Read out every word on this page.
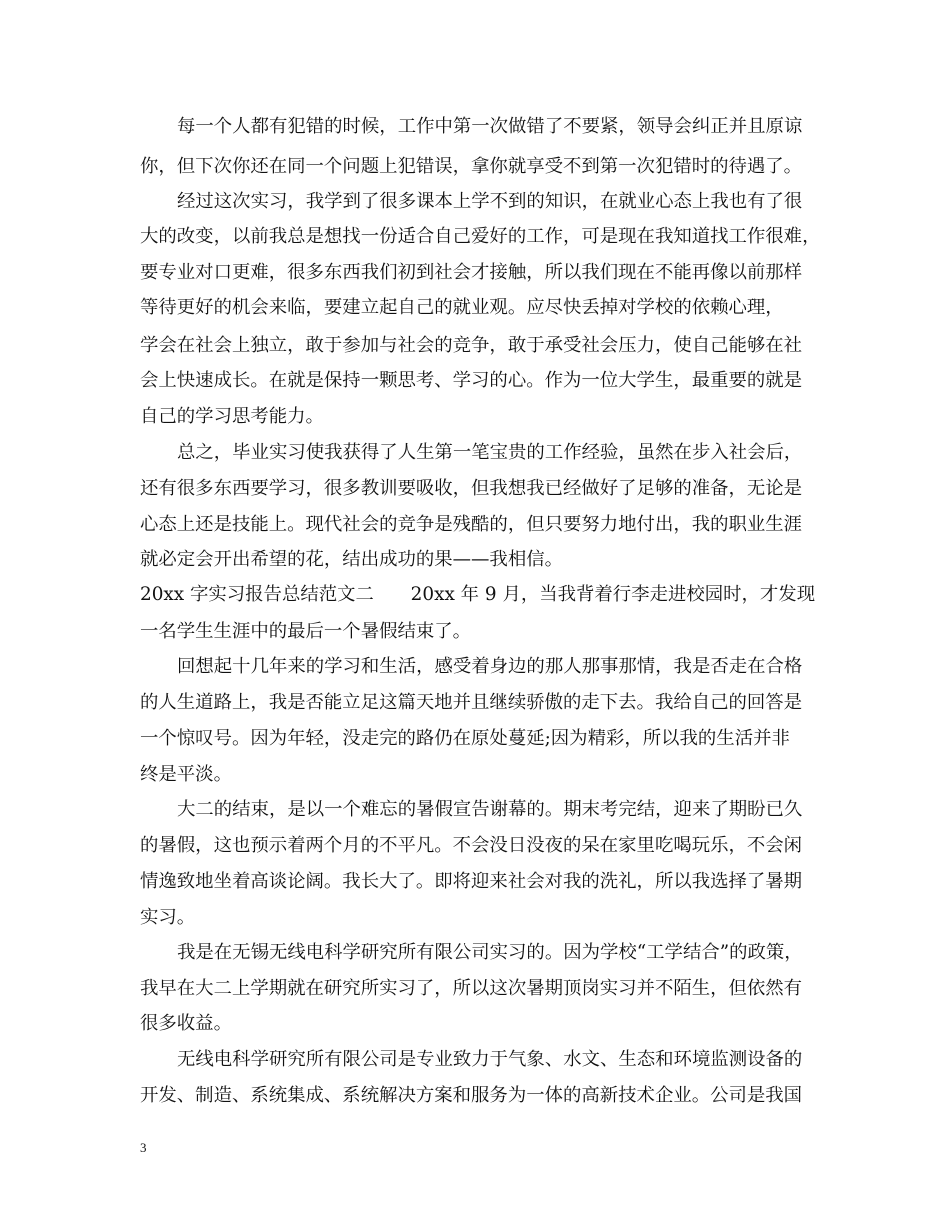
每一个人都有犯错的时候，工作中第一次做错了不要紧，领导会纠正并且原谅
你，但下次你还在同一个问题上犯错误，拿你就享受不到第一次犯错时的待遇了。
经过这次实习，我学到了很多课本上学不到的知识，在就业心态上我也有了很
大的改变，以前我总是想找一份适合自己爱好的工作，可是现在我知道找工作很难，
要专业对口更难，很多东西我们初到社会才接触，所以我们现在不能再像以前那样
等待更好的机会来临，要建立起自己的就业观。应尽快丢掉对学校的依赖心理，
学会在社会上独立，敢于参加与社会的竞争，敢于承受社会压力，使自己能够在社
会上快速成长。在就是保持一颗思考、学习的心。作为一位大学生，最重要的就是
自己的学习思考能力。
总之，毕业实习使我获得了人生第一笔宝贵的工作经验，虽然在步入社会后，
还有很多东西要学习，很多教训要吸收，但我想我已经做好了足够的准备，无论是
心态上还是技能上。现代社会的竞争是残酷的，但只要努力地付出，我的职业生涯
就必定会开出希望的花，结出成功的果——我相信。
20xx 字实习报告总结范文二　　20xx 年 9 月，当我背着行李走进校园时，才发现
一名学生生涯中的最后一个暑假结束了。
回想起十几年来的学习和生活，感受着身边的那人那事那情，我是否走在合格
的人生道路上，我是否能立足这篇天地并且继续骄傲的走下去。我给自己的回答是
一个惊叹号。因为年轻，没走完的路仍在原处蔓延;因为精彩，所以我的生活并非
终是平淡。
大二的结束，是以一个难忘的暑假宣告谢幕的。期末考完结，迎来了期盼已久
的暑假，这也预示着两个月的不平凡。不会没日没夜的呆在家里吃喝玩乐，不会闲
情逸致地坐着高谈论阔。我长大了。即将迎来社会对我的洗礼，所以我选择了暑期
实习。
我是在无锡无线电科学研究所有限公司实习的。因为学校“工学结合”的政策，
我早在大二上学期就在研究所实习了，所以这次暑期顶岗实习并不陌生，但依然有
很多收益。
无线电科学研究所有限公司是专业致力于气象、水文、生态和环境监测设备的
开发、制造、系统集成、系统解决方案和服务为一体的高新技术企业。公司是我国
3
